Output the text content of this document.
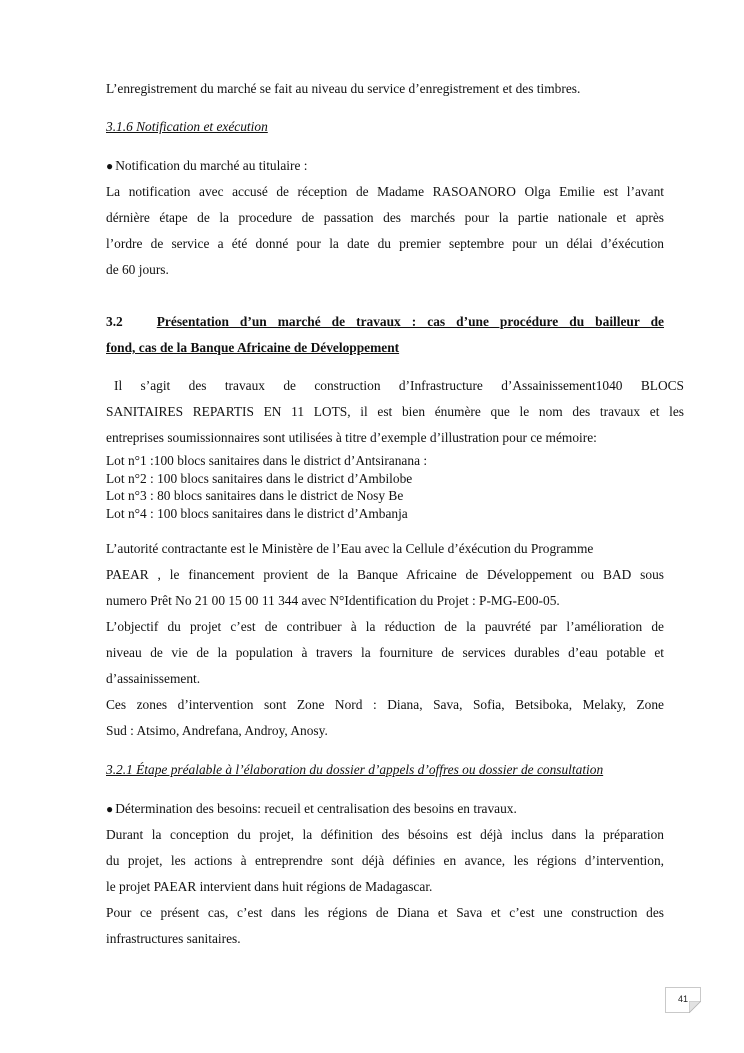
L’enregistrement du marché se fait au niveau du service d’enregistrement et des timbres.

3.1.6 Notification et exécution

● Notification du marché au titulaire :

La notification avec accusé de réception de Madame RASOANORO Olga Emilie est l’avant
dérnière étape de la procedure de passation des marchés pour la partie nationale et après
l’ordre de service a été donné pour la date du premier septembre pour un délai d’éxécution
de 60 jours.
3.2	Présentation d’un marché de travaux : cas d’une procédure du bailleur de
fond, cas de la Banque Africaine de Développement
Il s’agit des travaux de construction d’Infrastructure d’Assainissement1040 BLOCS
SANITAIRES REPARTIS EN 11 LOTS, il est bien énumère que le nom des travaux et les
entreprises soumissionnaires sont utilisées à titre d’exemple d’illustration pour ce mémoire:
Lot n°1 :100 blocs sanitaires dans le district d’Antsiranana :
Lot n°2 : 100 blocs sanitaires dans le district d’Ambilobe
Lot n°3 : 80 blocs sanitaires dans le district de Nosy Be
Lot n°4 : 100 blocs sanitaires dans le district d’Ambanja
L’autorité contractante est le Ministère de l’Eau avec la Cellule d’éxécution du Programme
PAEAR , le financement provient de la Banque Africaine de Développement ou BAD sous
numero Prêt No 21 00 15 00 11 344 avec N°Identification du Projet : P-MG-E00-05.
L’objectif du projet c’est de contribuer à la réduction de la pauvrété par l’amélioration de
niveau de vie de la population à travers la fourniture de services durables d’eau potable et
d’assainissement.
Ces zones d’intervention sont Zone Nord : Diana, Sava, Sofia, Betsiboka, Melaky, Zone
Sud : Atsimo, Andrefana, Androy, Anosy.

3.2.1 Étape préalable à l’élaboration du dossier d’appels d’offres ou dossier de consultation

● Détermination des besoins: recueil et centralisation des besoins en travaux.

Durant la conception du projet, la définition des bésoins est déjà inclus dans la préparation
du projet, les actions à entreprendre sont déjà définies en avance, les régions d’intervention,
le projet PAEAR intervient dans huit régions de Madagascar.
Pour ce présent cas, c’est dans les régions de Diana et Sava et c’est une construction des
infrastructures sanitaires.
41
